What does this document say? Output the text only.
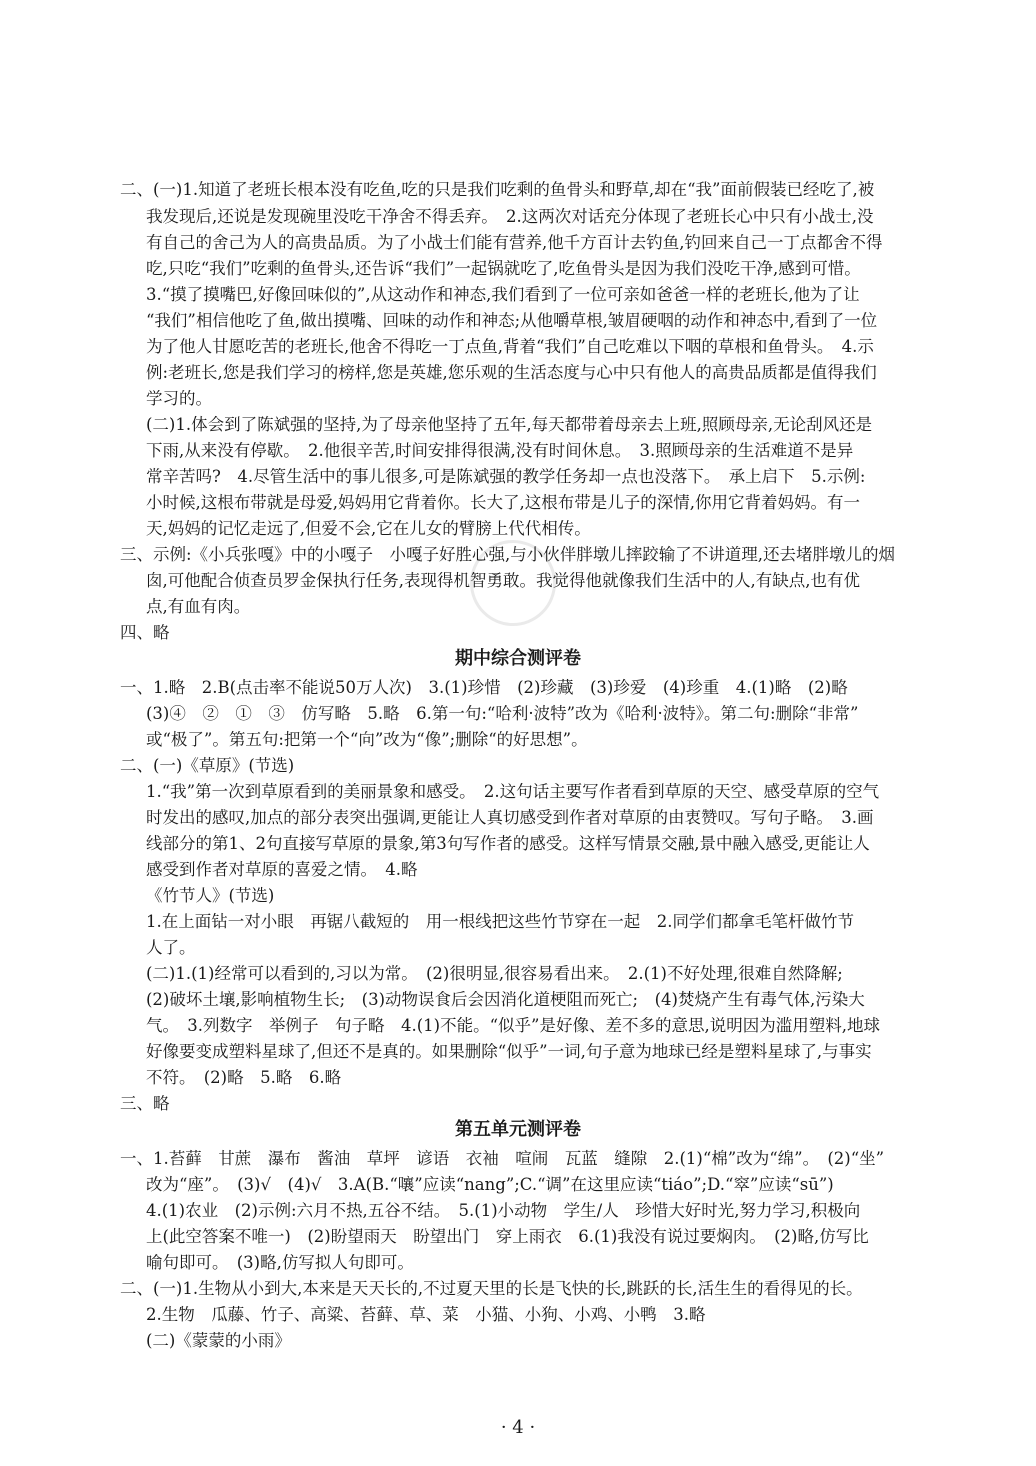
二、(一)1.知道了老班长根本没有吃鱼,吃的只是我们吃剩的鱼骨头和野草,却在“我”面前假装已经吃了,被
我发现后,还说是发现碗里没吃干净舍不得丢弃。　2.这两次对话充分体现了老班长心中只有小战士,没
有自己的舍己为人的高贵品质。为了小战士们能有营养,他千方百计去钓鱼,钓回来自己一丁点都舍不得
吃,只吃“我们”吃剩的鱼骨头,还告诉“我们”一起锅就吃了,吃鱼骨头是因为我们没吃干净,感到可惜。
3.“摸了摸嘴巴,好像回味似的”,从这动作和神态,我们看到了一位可亲如爸爸一样的老班长,他为了让
“我们”相信他吃了鱼,做出摸嘴、回味的动作和神态;从他嚼草根,皱眉硬咽的动作和神态中,看到了一位
为了他人甘愿吃苦的老班长,他舍不得吃一丁点鱼,背着“我们”自己吃难以下咽的草根和鱼骨头。　4.示
例:老班长,您是我们学习的榜样,您是英雄,您乐观的生活态度与心中只有他人的高贵品质都是值得我们
学习的。
(二)1.体会到了陈斌强的坚持,为了母亲他坚持了五年,每天都带着母亲去上班,照顾母亲,无论刮风还是
下雨,从来没有停歇。　2.他很辛苦,时间安排得很满,没有时间休息。　3.照顾母亲的生活难道不是异
常辛苦吗?　4.尽管生活中的事儿很多,可是陈斌强的教学任务却一点也没落下。　承上启下　5.示例:
小时候,这根布带就是母爱,妈妈用它背着你。长大了,这根布带是儿子的深情,你用它背着妈妈。有一
天,妈妈的记忆走远了,但爱不会,它在儿女的臂膀上代代相传。
三、示例:《小兵张嘎》中的小嘎子　小嘎子好胜心强,与小伙伴胖墩儿摔跤输了不讲道理,还去堵胖墩儿的烟
囱,可他配合侦查员罗金保执行任务,表现得机智勇敢。我觉得他就像我们生活中的人,有缺点,也有优
点,有血有肉。
四、略
期中综合测评卷
一、1.略　2.B(点击率不能说50万人次)　3.(1)珍惜　(2)珍藏　(3)珍爱　(4)珍重　4.(1)略　(2)略
(3)④　②　①　③　仿写略　5.略　6.第一句:“哈利·波特”改为《哈利·波特》。第二句:删除“非常”
或“极了”。第五句:把第一个“向”改为“像”;删除“的好思想”。
二、(一)《草原》(节选)
1.“我”第一次到草原看到的美丽景象和感受。　2.这句话主要写作者看到草原的天空、感受草原的空气
时发出的感叹,加点的部分表突出强调,更能让人真切感受到作者对草原的由衷赞叹。写句子略。　3.画
线部分的第1、2句直接写草原的景象,第3句写作者的感受。这样写情景交融,景中融入感受,更能让人
感受到作者对草原的喜爱之情。　4.略
《竹节人》(节选)
1.在上面钻一对小眼　再锯八截短的　用一根线把这些竹节穿在一起　2.同学们都拿毛笔杆做竹节
人了。
(二)1.(1)经常可以看到的,习以为常。　(2)很明显,很容易看出来。　2.(1)不好处理,很难自然降解;
(2)破坏土壤,影响植物生长;　(3)动物误食后会因消化道梗阻而死亡;　(4)焚烧产生有毒气体,污染大
气。　3.列数字　举例子　句子略　4.(1)不能。“似乎”是好像、差不多的意思,说明因为滥用塑料,地球
好像要变成塑料星球了,但还不是真的。如果删除“似乎”一词,句子意为地球已经是塑料星球了,与事实
不符。　(2)略　5.略　6.略
三、略
第五单元测评卷
一、1.苔藓　甘蔗　瀑布　酱油　草坪　谚语　衣袖　喧闹　瓦蓝　缝隙　2.(1)“棉”改为“绵”。　(2)“坐”
改为“座”。　(3)√　(4)√　3.A(B.“嚷”应读“nang”;C.“调”在这里应读“tiáo”;D.“窣”应读“sū”)
4.(1)农业　(2)示例:六月不热,五谷不结。　5.(1)小动物　学生/人　珍惜大好时光,努力学习,积极向
上(此空答案不唯一)　(2)盼望雨天　盼望出门　穿上雨衣　6.(1)我没有说过要焖肉。　(2)略,仿写比
喻句即可。　(3)略,仿写拟人句即可。
二、(一)1.生物从小到大,本来是天天长的,不过夏天里的长是飞快的长,跳跃的长,活生生的看得见的长。
2.生物　瓜藤、竹子、高粱、苔藓、草、菜　小猫、小狗、小鸡、小鸭　3.略
(二)《蒙蒙的小雨》
· 4 ·
